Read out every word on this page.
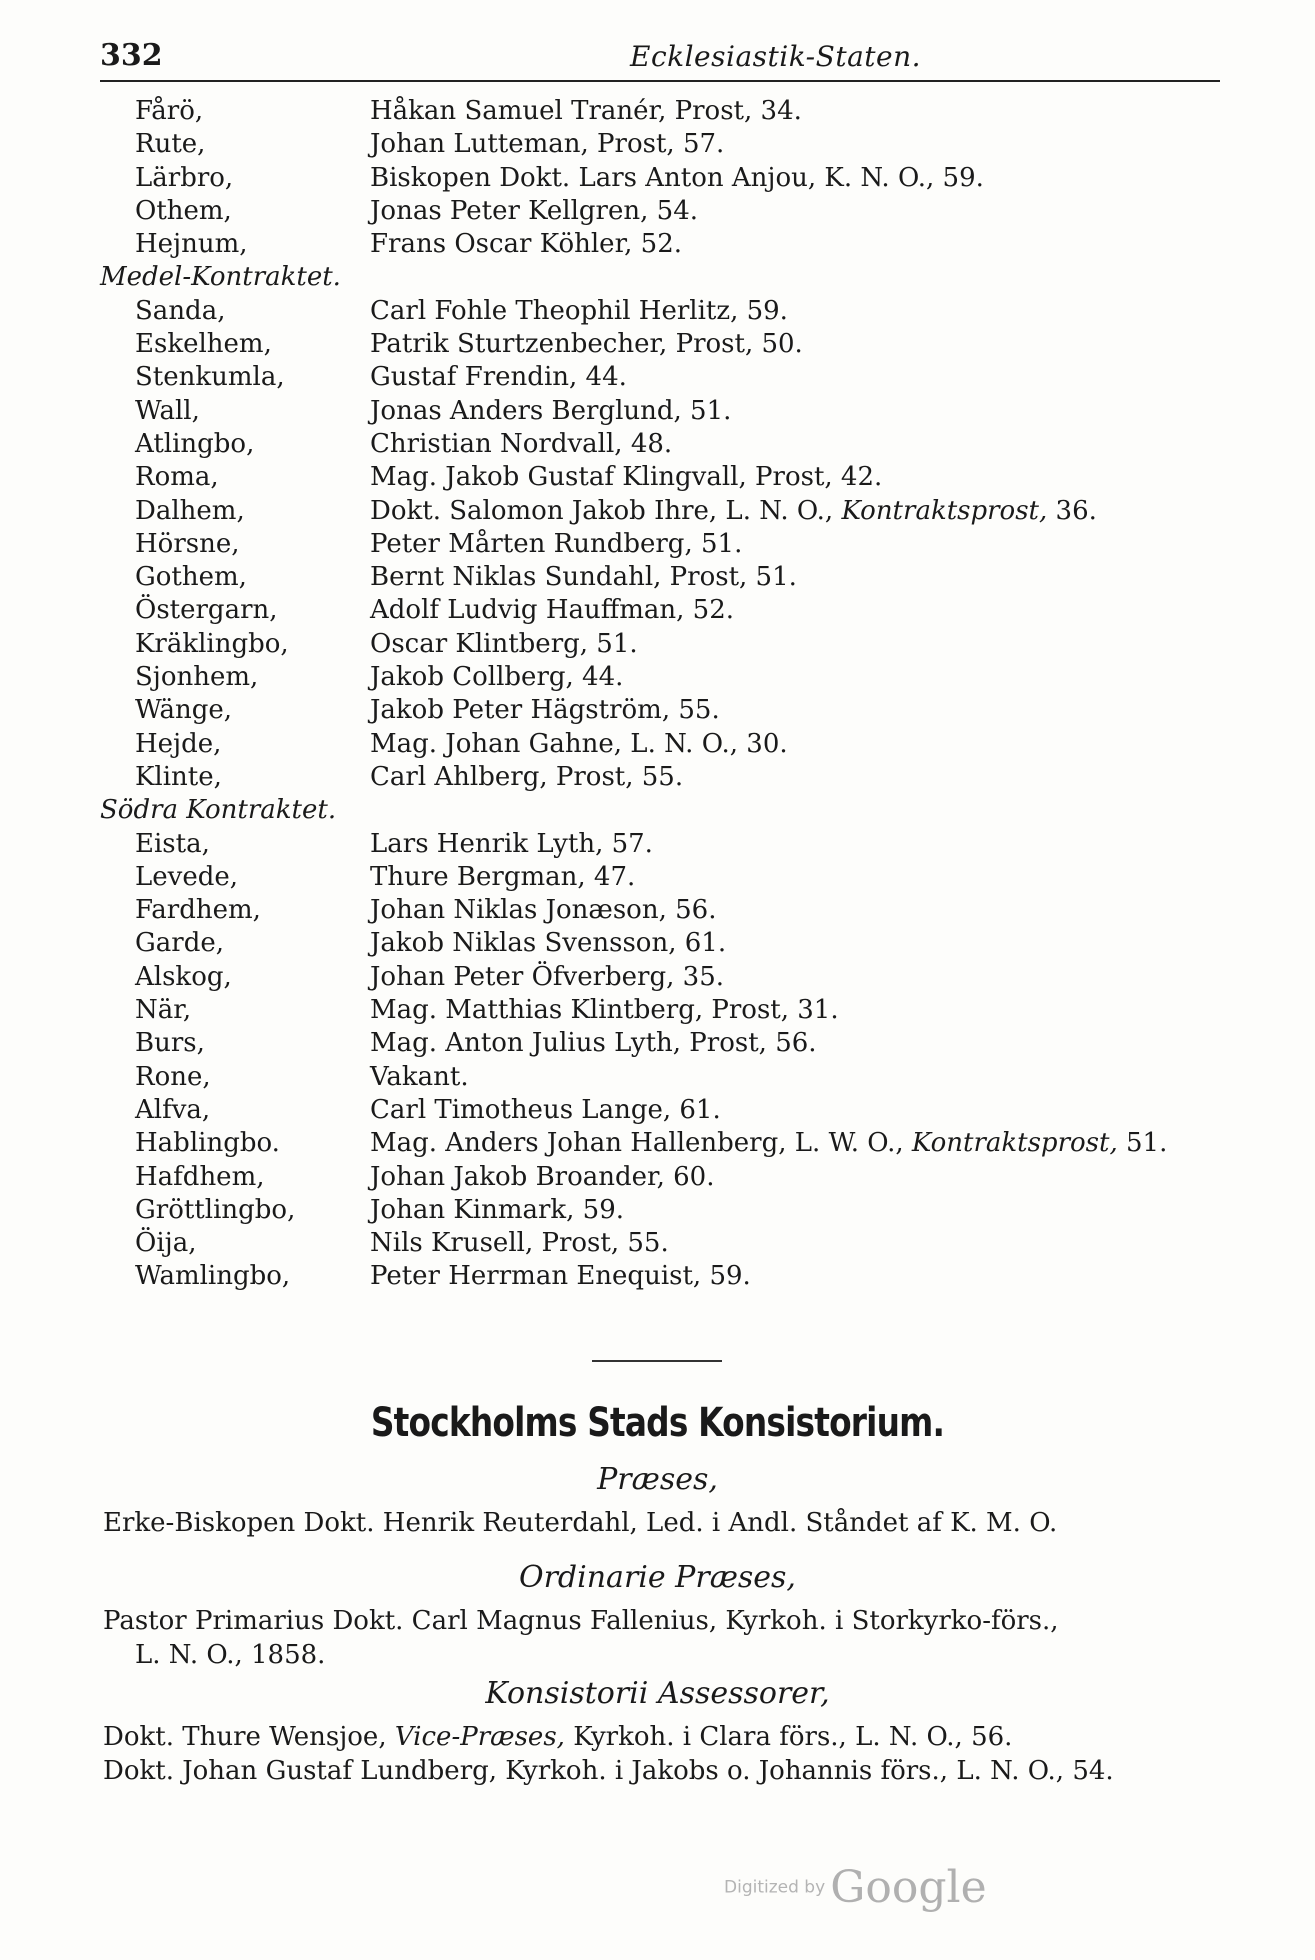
332	Ecklesiastik-Staten.
Fårö,	Håkan Samuel Tranér, Prost, 34.
Rute,	Johan Lutteman, Prost, 57.
Lärbro,	Biskopen Dokt. Lars Anton Anjou, K. N. O., 59.
Othem,	Jonas Peter Kellgren, 54.
Hejnum,	Frans Oscar Köhler, 52.
Medel-Kontraktet.
Sanda,	Carl Fohle Theophil Herlitz, 59.
Eskelhem,	Patrik Sturtzenbecher, Prost, 50.
Stenkumla,	Gustaf Frendin, 44.
Wall,	Jonas Anders Berglund, 51.
Atlingbo,	Christian Nordvall, 48.
Roma,	Mag. Jakob Gustaf Klingvall, Prost, 42.
Dalhem,	Dokt. Salomon Jakob Ihre, L. N. O., Kontraktsprost, 36.
Hörsne,	Peter Mårten Rundberg, 51.
Gothem,	Bernt Niklas Sundahl, Prost, 51.
Östergarn,	Adolf Ludvig Hauffman, 52.
Kräklingbo,	Oscar Klintberg, 51.
Sjonhem,	Jakob Collberg, 44.
Wänge,	Jakob Peter Hägström, 55.
Hejde,	Mag. Johan Gahne, L. N. O., 30.
Klinte,	Carl Ahlberg, Prost, 55.
Södra Kontraktet.
Eista,	Lars Henrik Lyth, 57.
Levede,	Thure Bergman, 47.
Fardhem,	Johan Niklas Jonæson, 56.
Garde,	Jakob Niklas Svensson, 61.
Alskog,	Johan Peter Öfverberg, 35.
När,	Mag. Matthias Klintberg, Prost, 31.
Burs,	Mag. Anton Julius Lyth, Prost, 56.
Rone,	Vakant.
Alfva,	Carl Timotheus Lange, 61.
Hablingbo.	Mag. Anders Johan Hallenberg, L. W. O., Kontraktsprost, 51.
Hafdhem,	Johan Jakob Broander, 60.
Gröttlingbo,	Johan Kinmark, 59.
Öija,	Nils Krusell, Prost, 55.
Wamlingbo,	Peter Herrman Enequist, 59.
Stockholms Stads Konsistorium.
Præses,
Erke-Biskopen Dokt. Henrik Reuterdahl, Led. i Andl. Ståndet af K. M. O.
Ordinarie Præses,
Pastor Primarius Dokt. Carl Magnus Fallenius, Kyrkoh. i Storkyrko-förs.,
L. N. O., 1858.
Konsistorii Assessorer,
Dokt. Thure Wensjoe, Vice-Præses, Kyrkoh. i Clara förs., L. N. O., 56.
Dokt. Johan Gustaf Lundberg, Kyrkoh. i Jakobs o. Johannis förs., L. N. O., 54.
Digitized by Google
